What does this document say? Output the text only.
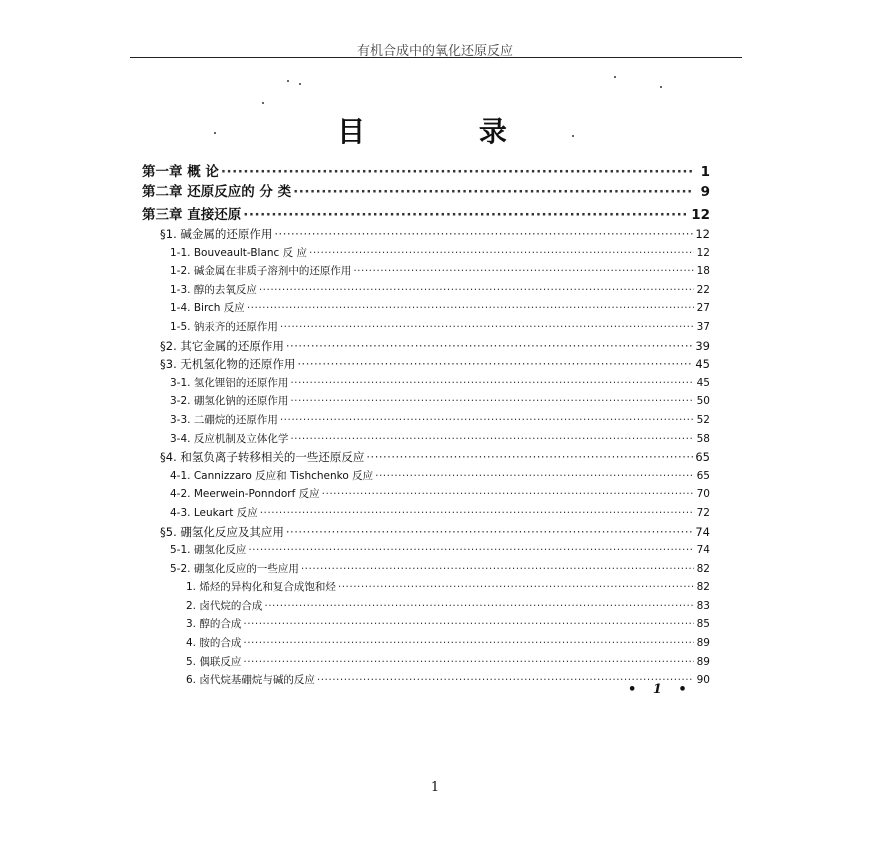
有机合成中的氧化还原反应
目 录
第一章 概 论 ·····	1
第二章 还原反应的 分 类 ·····	9
第三章 直接还原 ·····	12
§1. 碱金属的还原作用 ·····	12
1-1. Bouveault-Blanc 反 应 ·····	12
1-2. 碱金属在非质子溶剂中的还原作用 ·····	18
1-3. 醇的去氧反应 ·····	22
1-4. Birch 反应 ·····	27
1-5. 钠汞齐的还原作用 ·····	37
§2. 其它金属的还原作用 ·····	39
§3. 无机氢化物的还原作用 ·····	45
3-1. 氢化锂铝的还原作用 ·····	45
3-2. 硼氢化钠的还原作用 ·····	50
3-3. 二硼烷的还原作用 ·····	52
3-4. 反应机制及立体化学 ·····	58
§4. 和氢负离子转移相关的一些还原反应 ·····	65
4-1. Cannizzaro 反应和 Tishchenko 反应 ·····	65
4-2. Meerwein-Ponndorf 反应 ·····	70
4-3. Leukart 反应 ·····	72
§5. 硼氢化反应及其应用 ·····	74
5-1. 硼氢化反应 ·····	74
5-2. 硼氢化反应的一些应用 ·····	82
1. 烯烃的异构化和复合成饱和烃 ·····	82
2. 卤代烷的合成 ·····	83
3. 醇的合成 ·····	85
4. 胺的合成 ·····	89
5. 偶联反应 ·····	89
6. 卤代烷基硼烷与碱的反应 ·····	90
• 1 •
1
